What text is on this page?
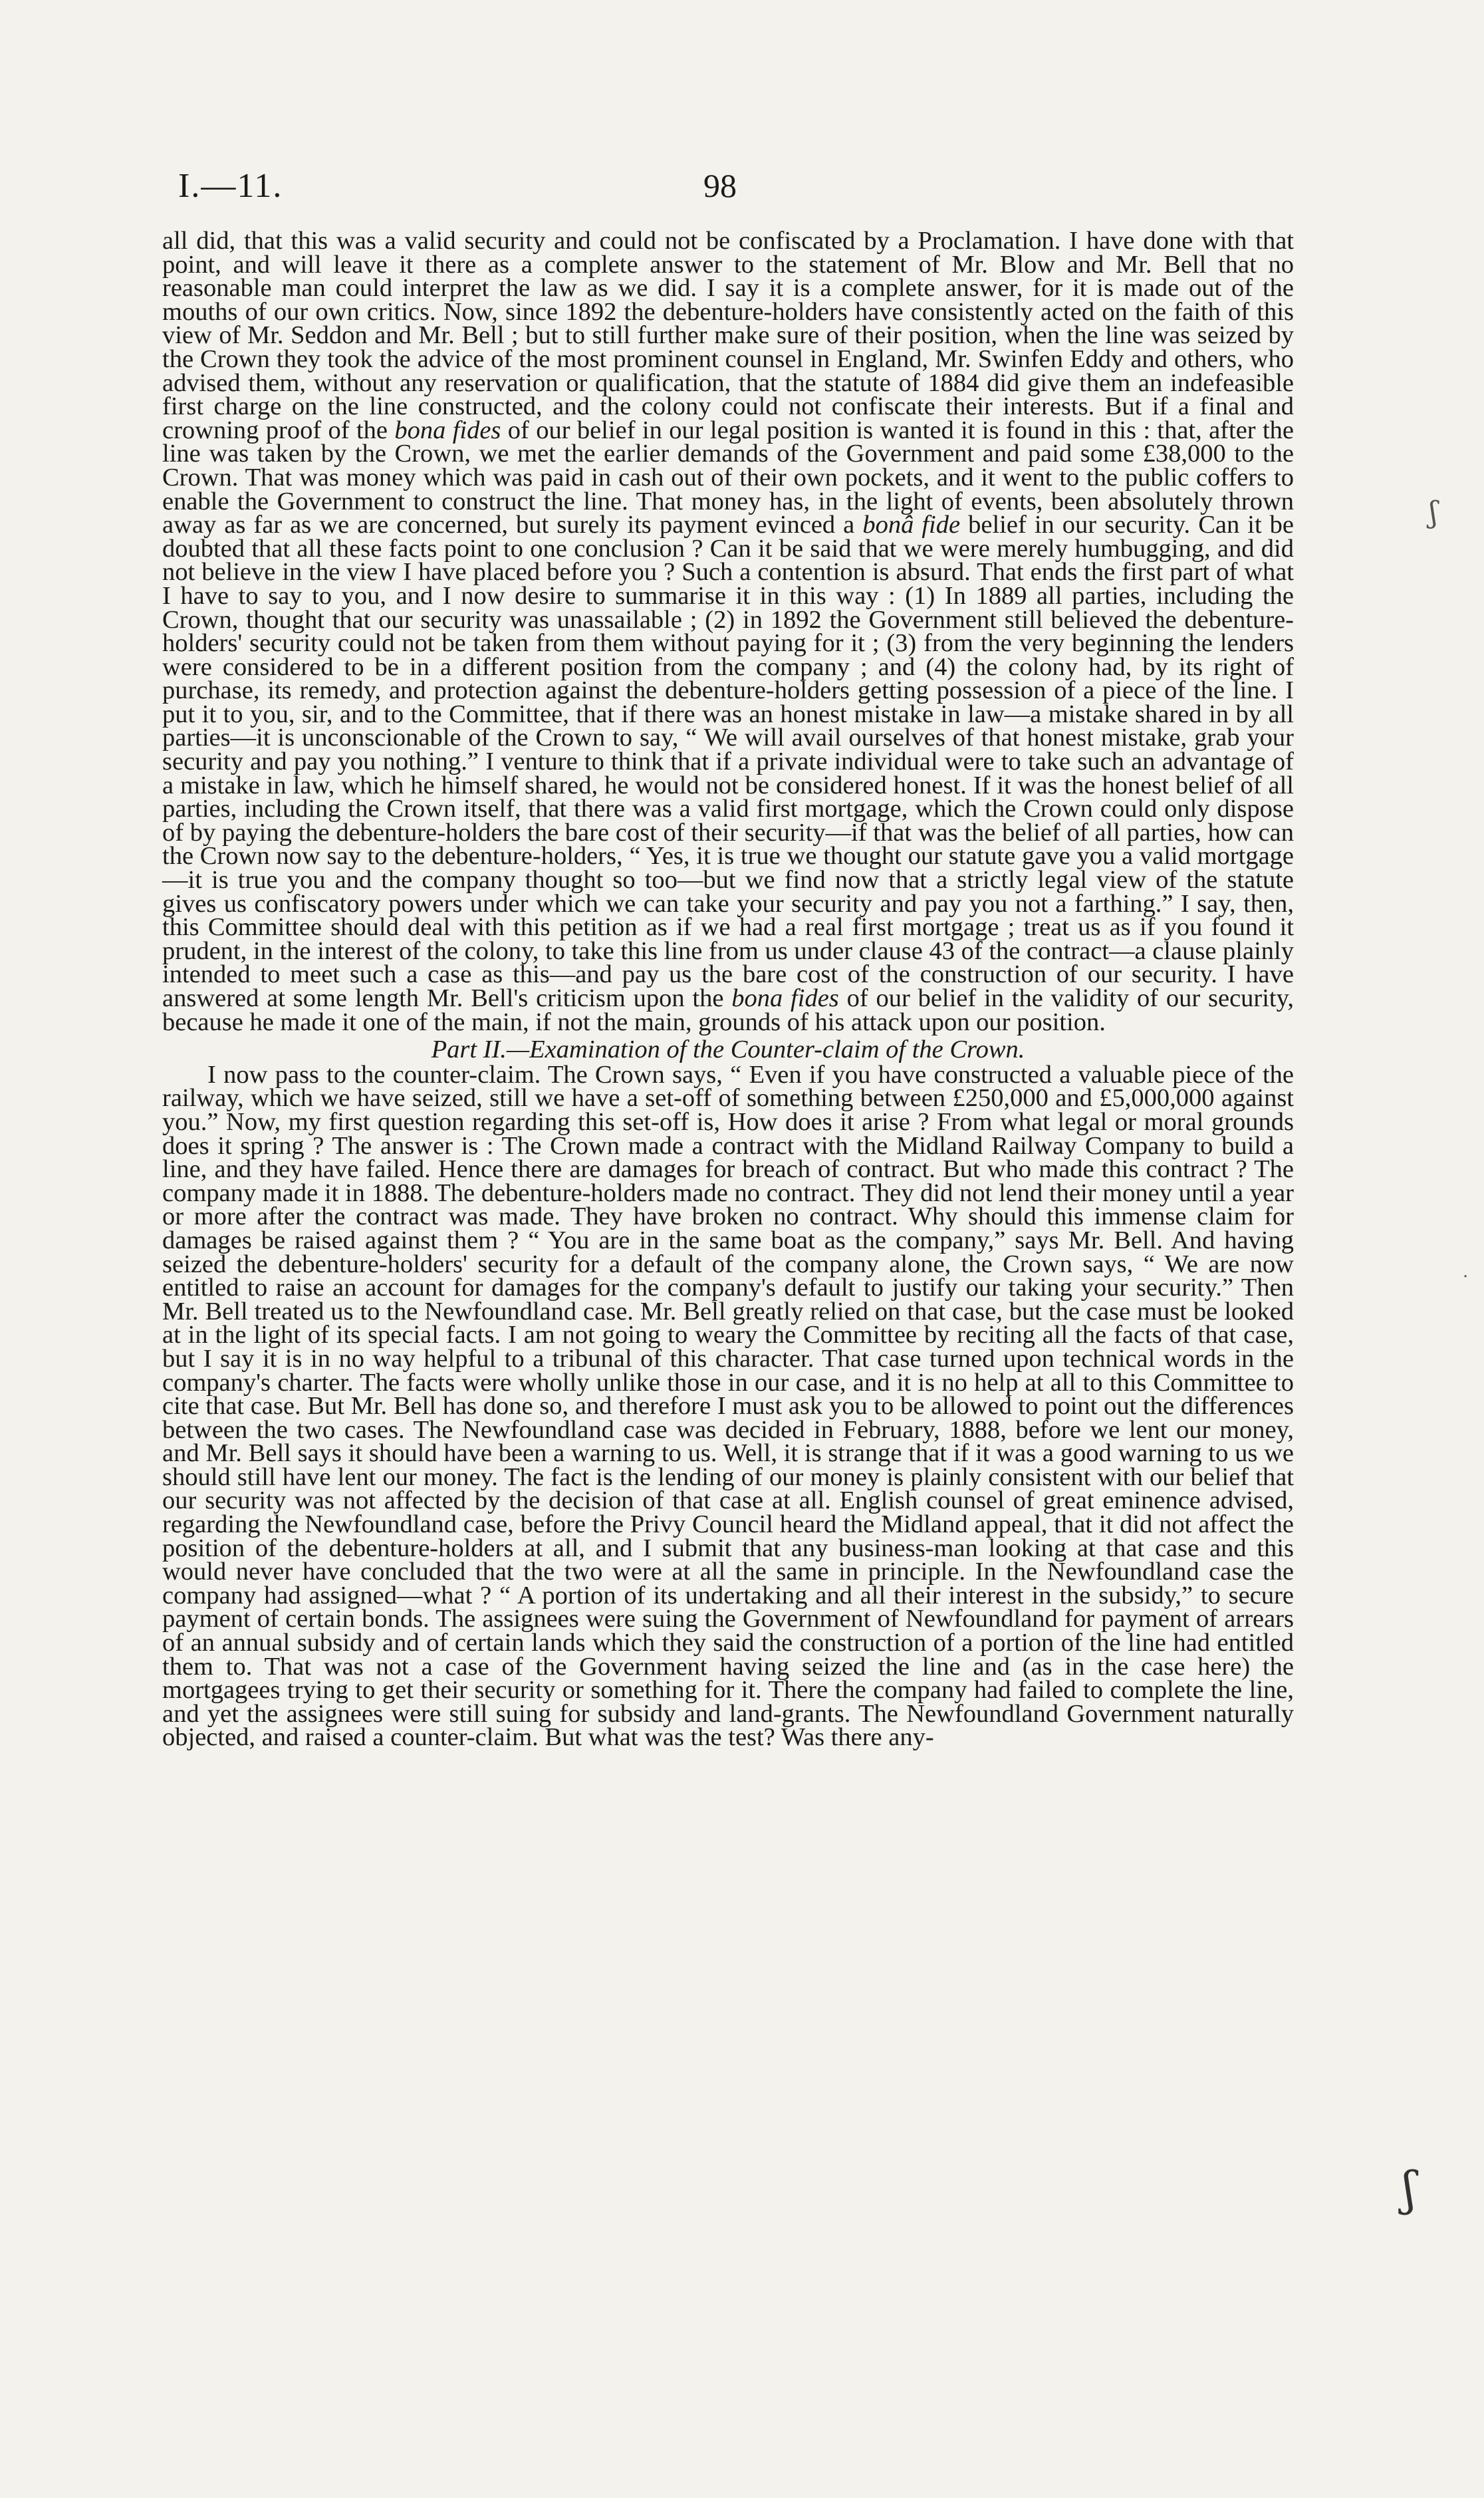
I.—11.	98

all did, that this was a valid security and could not be confiscated by a Proclamation. I have done with that point, and will leave it there as a complete answer to the statement of Mr. Blow and Mr. Bell that no reasonable man could interpret the law as we did. I say it is a complete answer, for it is made out of the mouths of our own critics. Now, since 1892 the debenture-holders have consistently acted on the faith of this view of Mr. Seddon and Mr. Bell ; but to still further make sure of their position, when the line was seized by the Crown they took the advice of the most prominent counsel in England, Mr. Swinfen Eddy and others, who advised them, without any reservation or qualification, that the statute of 1884 did give them an indefeasible first charge on the line constructed, and the colony could not confiscate their interests. But if a final and crowning proof of the bona fides of our belief in our legal position is wanted it is found in this : that, after the line was taken by the Crown, we met the earlier demands of the Government and paid some £38,000 to the Crown. That was money which was paid in cash out of their own pockets, and it went to the public coffers to enable the Government to construct the line. That money has, in the light of events, been absolutely thrown away as far as we are concerned, but surely its payment evinced a bonâ fide belief in our security. Can it be doubted that all these facts point to one conclusion ? Can it be said that we were merely humbugging, and did not believe in the view I have placed before you ? Such a contention is absurd. That ends the first part of what I have to say to you, and I now desire to summarise it in this way : (1) In 1889 all parties, including the Crown, thought that our security was unassailable ; (2) in 1892 the Government still believed the debenture-holders' security could not be taken from them without paying for it ; (3) from the very beginning the lenders were considered to be in a different position from the company ; and (4) the colony had, by its right of purchase, its remedy, and protection against the debenture-holders getting possession of a piece of the line. I put it to you, sir, and to the Committee, that if there was an honest mistake in law—a mistake shared in by all parties—it is unconscionable of the Crown to say, “ We will avail ourselves of that honest mistake, grab your security and pay you nothing.” I venture to think that if a private individual were to take such an advantage of a mistake in law, which he himself shared, he would not be considered honest. If it was the honest belief of all parties, including the Crown itself, that there was a valid first mortgage, which the Crown could only dispose of by paying the debenture-holders the bare cost of their security—if that was the belief of all parties, how can the Crown now say to the debenture-holders, “ Yes, it is true we thought our statute gave you a valid mortgage—it is true you and the company thought so too—but we find now that a strictly legal view of the statute gives us confiscatory powers under which we can take your security and pay you not a farthing.” I say, then, this Committee should deal with this petition as if we had a real first mortgage ; treat us as if you found it prudent, in the interest of the colony, to take this line from us under clause 43 of the contract—a clause plainly intended to meet such a case as this—and pay us the bare cost of the construction of our security. I have answered at some length Mr. Bell's criticism upon the bona fides of our belief in the validity of our security, because he made it one of the main, if not the main, grounds of his attack upon our position.

Part II.—Examination of the Counter-claim of the Crown.

I now pass to the counter-claim. The Crown says, “ Even if you have constructed a valuable piece of the railway, which we have seized, still we have a set-off of something between £250,000 and £5,000,000 against you.” Now, my first question regarding this set-off is, How does it arise ? From what legal or moral grounds does it spring ? The answer is : The Crown made a contract with the Midland Railway Company to build a line, and they have failed. Hence there are damages for breach of contract. But who made this contract ? The company made it in 1888. The debenture-holders made no contract. They did not lend their money until a year or more after the contract was made. They have broken no contract. Why should this immense claim for damages be raised against them ? “ You are in the same boat as the company,” says Mr. Bell. And having seized the debenture-holders' security for a default of the company alone, the Crown says, “ We are now entitled to raise an account for damages for the company's default to justify our taking your security.” Then Mr. Bell treated us to the Newfoundland case. Mr. Bell greatly relied on that case, but the case must be looked at in the light of its special facts. I am not going to weary the Committee by reciting all the facts of that case, but I say it is in no way helpful to a tribunal of this character. That case turned upon technical words in the company's charter. The facts were wholly unlike those in our case, and it is no help at all to this Committee to cite that case. But Mr. Bell has done so, and therefore I must ask you to be allowed to point out the differences between the two cases. The Newfoundland case was decided in February, 1888, before we lent our money, and Mr. Bell says it should have been a warning to us. Well, it is strange that if it was a good warning to us we should still have lent our money. The fact is the lending of our money is plainly consistent with our belief that our security was not affected by the decision of that case at all. English counsel of great eminence advised, regarding the Newfoundland case, before the Privy Council heard the Midland appeal, that it did not affect the position of the debenture-holders at all, and I submit that any business-man looking at that case and this would never have concluded that the two were at all the same in principle. In the Newfoundland case the company had assigned—what ? “ A portion of its undertaking and all their interest in the subsidy,” to secure payment of certain bonds. The assignees were suing the Government of Newfoundland for payment of arrears of an annual subsidy and of certain lands which they said the construction of a portion of the line had entitled them to. That was not a case of the Government having seized the line and (as in the case here) the mortgagees trying to get their security or something for it. There the company had failed to complete the line, and yet the assignees were still suing for subsidy and land-grants. The Newfoundland Government naturally objected, and raised a counter-claim. But what was the test? Was there any-

ʃ
·
ʃ
